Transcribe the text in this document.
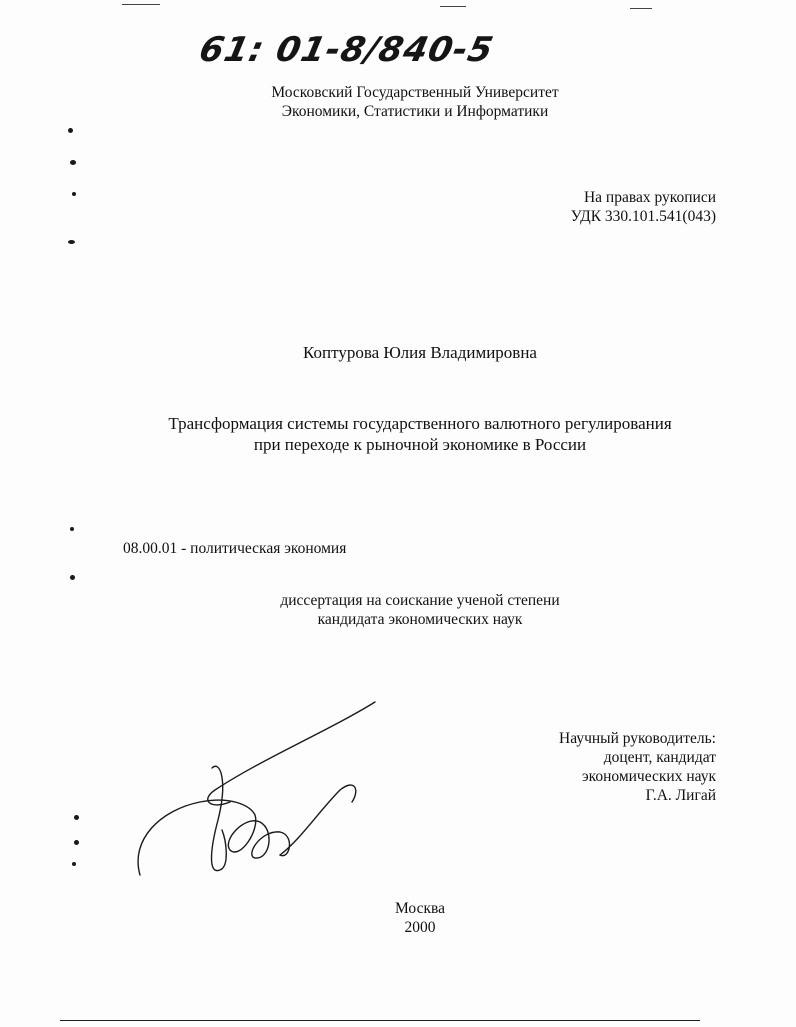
61: 01-8/840-5
Московский Государственный Университет
Экономики, Статистики и Информатики
На правах рукописи
УДК 330.101.541(043)
Коптурова Юлия Владимировна
Трансформация системы государственного валютного регулирования
при переходе к рыночной экономике в России
08.00.01 - политическая экономия
диссертация на соискание ученой степени
кандидата экономических наук
Научный руководитель:
доцент, кандидат
экономических наук
Г.А. Лигай
Москва
2000
